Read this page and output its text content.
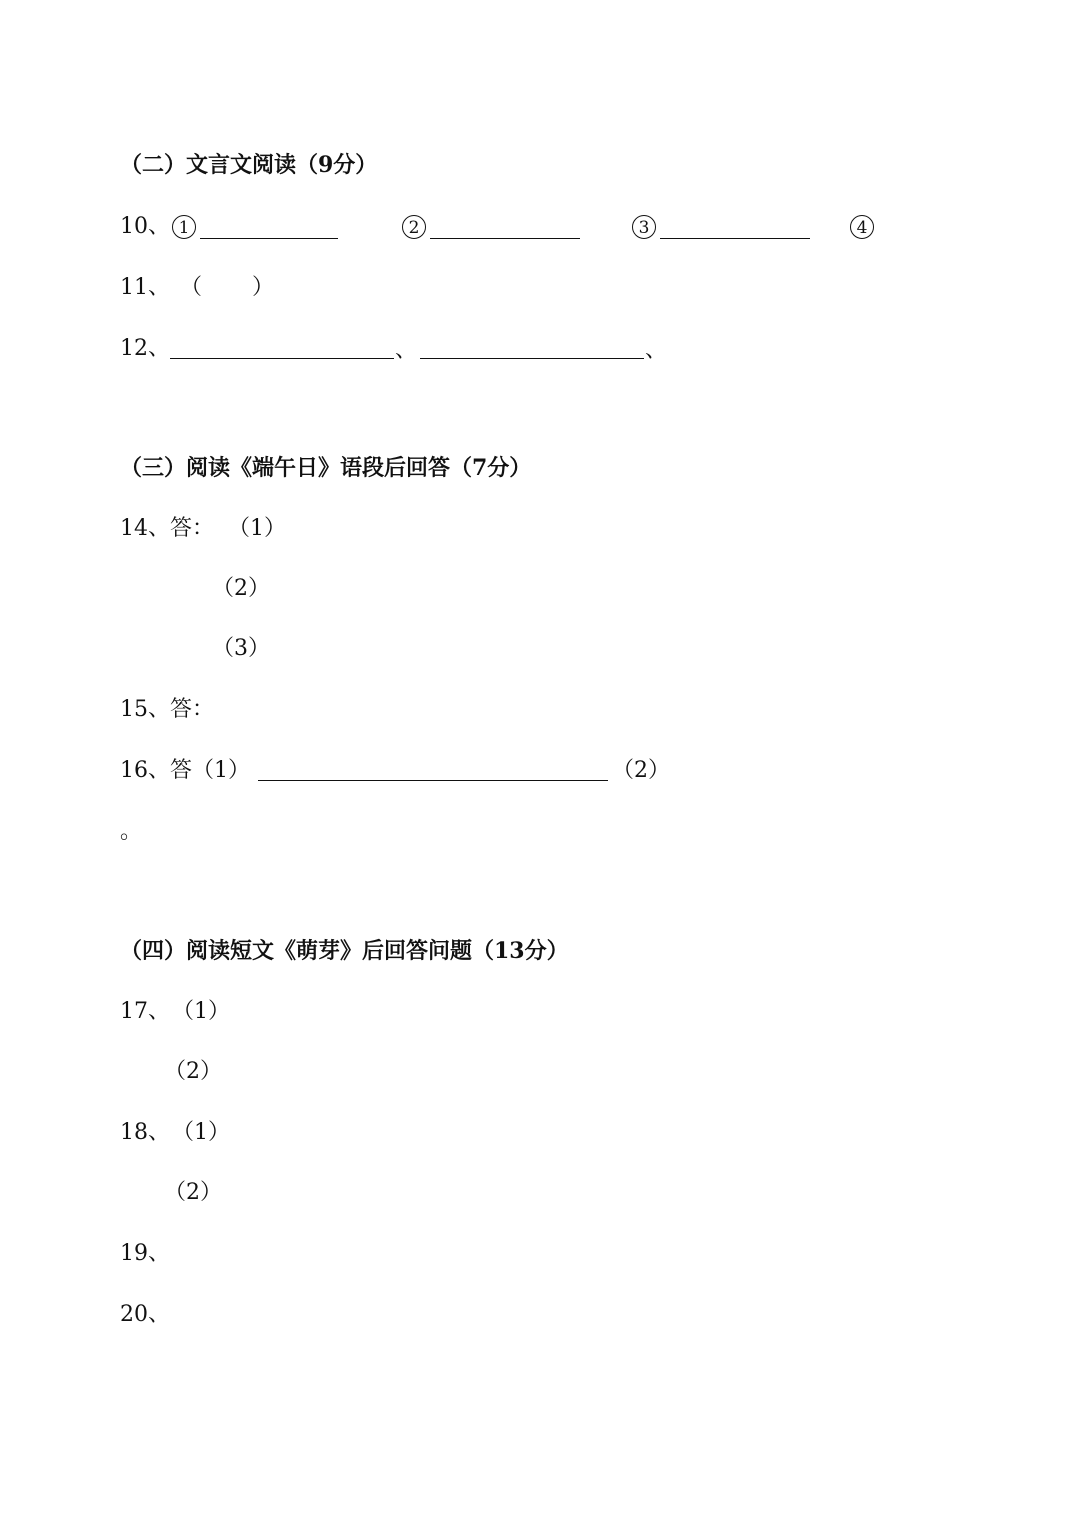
（二）文言文阅读（9分）
10、 1	2	3	4
11、 （ ）
12、	、	、
（三）阅读《端午日》语段后回答（7分）
14、答： （1）
（2）
（3）
15、答：
16、答（1）	（2）
。
（四）阅读短文《萌芽》后回答问题（13分）
17、 （1）
（2）
18、 （1）
（2）
19、
20、
